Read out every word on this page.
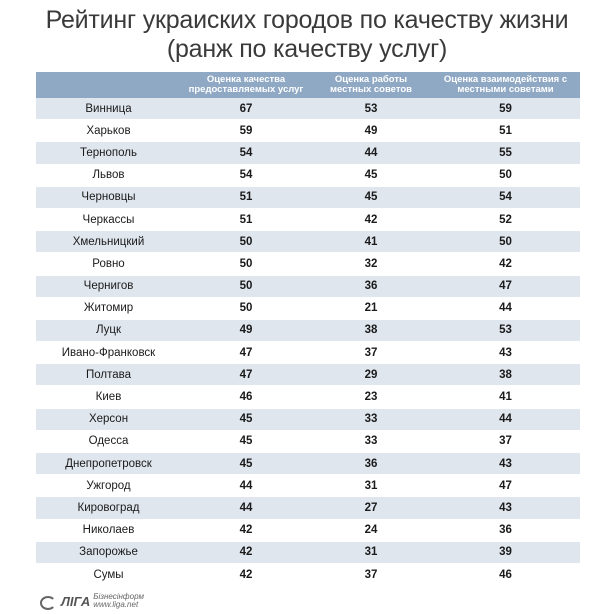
Рейтинг украиских городов по качеству жизни
(ранж по качеству услуг)
	Оценка качества предоставляемых услуг	Оценка работы местных советов	Оценка взаимодействия с местными советами
Винница	67	53	59
Харьков	59	49	51
Тернополь	54	44	55
Львов	54	45	50
Черновцы	51	45	54
Черкассы	51	42	52
Хмельницкий	50	41	50
Ровно	50	32	42
Чернигов	50	36	47
Житомир	50	21	44
Луцк	49	38	53
Ивано-Франковск	47	37	43
Полтава	47	29	38
Киев	46	23	41
Херсон	45	33	44
Одесса	45	33	37
Днепропетровск	45	36	43
Ужгород	44	31	47
Кировоград	44	27	43
Николаев	42	24	36
Запорожье	42	31	39
Сумы	42	37	46
ЛІГА Бізнесінформ
www.liga.net
